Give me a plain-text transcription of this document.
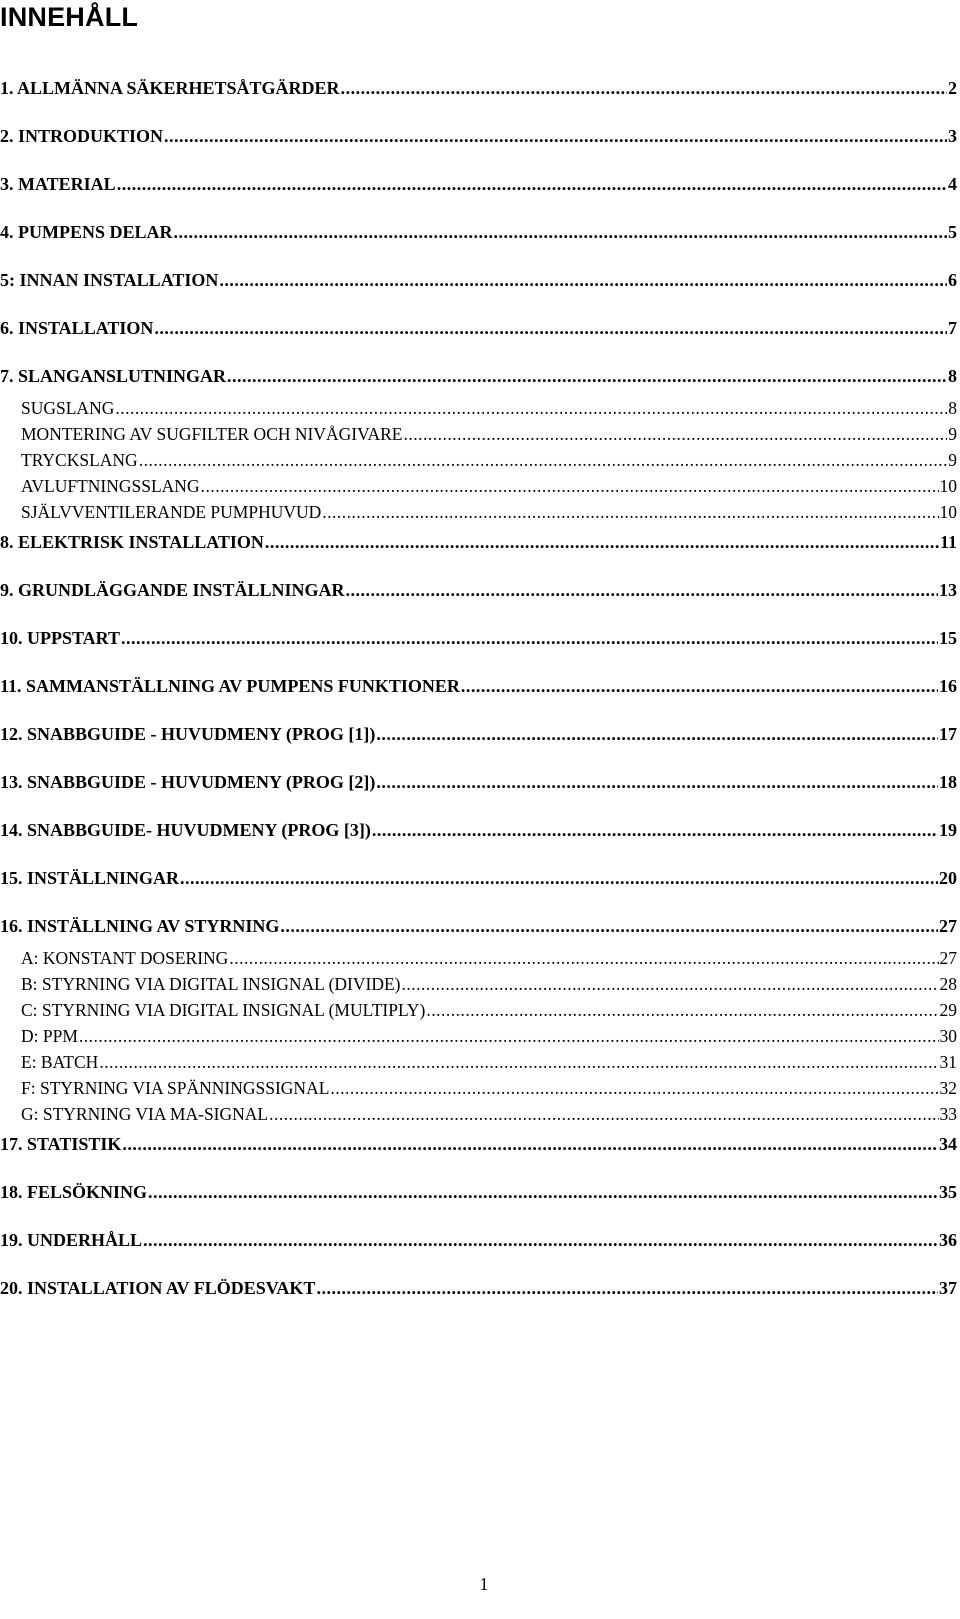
INNEHÅLL
1. ALLMÄNNA SÄKERHETSÅTGÄRDER .....	2
2. INTRODUKTION .....	3
3. MATERIAL .....	4
4. PUMPENS DELAR .....	5
5: INNAN INSTALLATION .....	6
6. INSTALLATION .....	7
7. SLANGANSLUTNINGAR .....	8
SUGSLANG .....	8
MONTERING AV SUGFILTER OCH NIVÅGIVARE .....	9
TRYCKSLANG .....	9
AVLUFTNINGSSLANG .....	10
SJÄLVVENTILERANDE PUMPHUVUD .....	10
8. ELEKTRISK INSTALLATION .....	11
9. GRUNDLÄGGANDE INSTÄLLNINGAR .....	13
10. UPPSTART .....	15
11. SAMMANSTÄLLNING AV PUMPENS FUNKTIONER .....	16
12. SNABBGUIDE - HUVUDMENY (PROG [1]) .....	17
13. SNABBGUIDE - HUVUDMENY (PROG [2]) .....	18
14. SNABBGUIDE- HUVUDMENY (PROG [3]) .....	19
15. INSTÄLLNINGAR .....	20
16. INSTÄLLNING AV STYRNING .....	27
A: KONSTANT DOSERING .....	27
B: STYRNING VIA DIGITAL INSIGNAL (DIVIDE) .....	28
C: STYRNING VIA DIGITAL INSIGNAL (MULTIPLY) .....	29
D: PPM .....	30
E: BATCH .....	31
F: STYRNING VIA SPÄNNINGSSIGNAL .....	32
G: STYRNING VIA MA-SIGNAL .....	33
17. STATISTIK .....	34
18. FELSÖKNING .....	35
19. UNDERHÅLL .....	36
20. INSTALLATION AV FLÖDESVAKT .....	37
1
